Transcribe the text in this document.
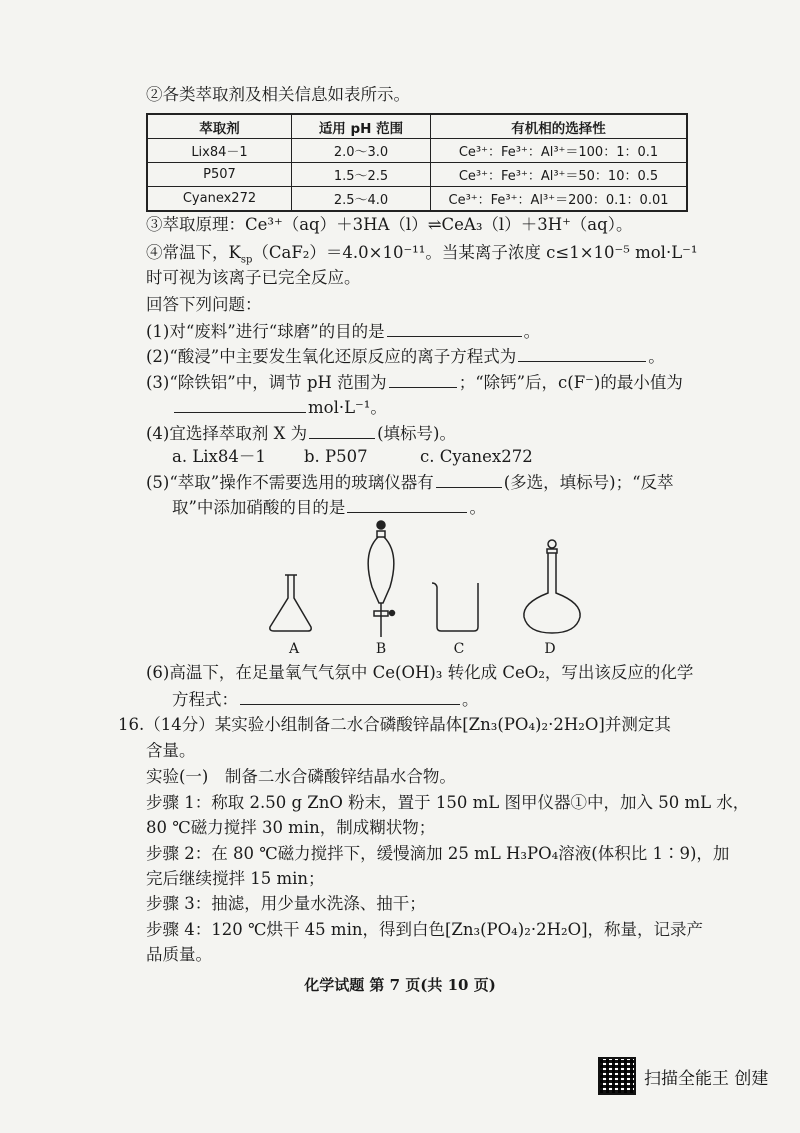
②各类萃取剂及相关信息如表所示。
萃取剂	适用 pH 范围	有机相的选择性
Lix84－1	2.0～3.0	Ce³⁺：Fe³⁺：Al³⁺＝100：1：0.1
P507	1.5～2.5	Ce³⁺：Fe³⁺：Al³⁺＝50：10：0.5
Cyanex272	2.5～4.0	Ce³⁺：Fe³⁺：Al³⁺＝200：0.1：0.01
③萃取原理：Ce³⁺（aq）＋3HA（l）⇌CeA₃（l）＋3H⁺（aq）。
④常温下，$K_{sp}(CaF_2)=4.0\times 10^{-11}$。当某离子浓度 c≤1×10⁻⁵ mol·L⁻¹
时可视为该离子已完全反应。
回答下列问题：
(1)对“废料”进行“球磨”的目的是	。
(2)“酸浸”中主要发生氧化还原反应的离子方程式为	。
(3)“除铁铝”中，调节 pH 范围为	；“除钙”后，c(F⁻)的最小值为
mol·L⁻¹。
(4)宜选择萃取剂 X 为	(填标号)。
a. Lix84－1 b. P507	c. Cyanex272
(5)“萃取”操作不需要选用的玻璃仪器有	(多选，填标号)；“反萃
取”中添加硝酸的目的是	。
A	B	C	D
(6)高温下，在足量氧气气氛中 Ce(OH)₃ 转化成 CeO₂，写出该反应的化学
方程式：	。
16.（14分）某实验小组制备二水合磷酸锌晶体[Zn₃(PO₄)₂·2H₂O]并测定其
含量。
实验(一)　制备二水合磷酸锌结晶水合物。
步骤 1：称取 2.50 g ZnO 粉末，置于 150 mL 图甲仪器①中，加入 50 mL 水，
80 ℃磁力搅拌 30 min，制成糊状物；
步骤 2：在 80 ℃磁力搅拌下，缓慢滴加 25 mL H₃PO₄溶液(体积比 1∶9)，加
完后继续搅拌 15 min；
步骤 3：抽滤，用少量水洗涤、抽干；
步骤 4：120 ℃烘干 45 min，得到白色[Zn₃(PO₄)₂·2H₂O]，称量，记录产
品质量。
化学试题 第 7 页(共 10 页)
扫描全能王 创建
